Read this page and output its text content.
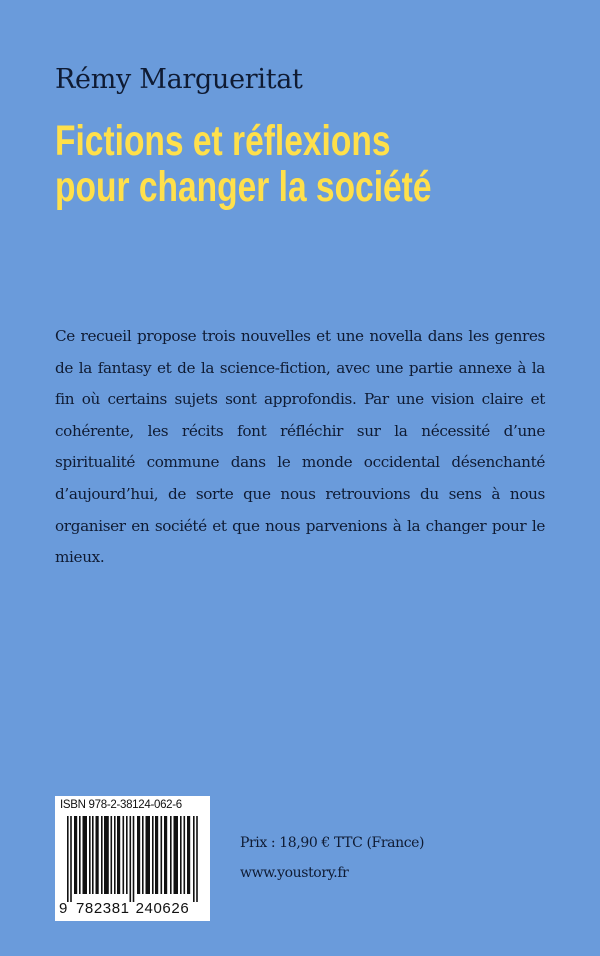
Rémy Margueritat
Fictions et réflexions
pour changer la société

Ce recueil propose trois nouvelles et une novella dans les genres de la fantasy et de la science-fiction, avec une partie annexe à la fin où certains sujets sont approfondis. Par une vision claire et cohérente, les récits font réfléchir sur la nécessité d’une spiritualité commune dans le monde occidental désenchanté d’aujourd’hui, de sorte que nous retrouvions du sens à nous organiser en société et que nous parvenions à la changer pour le mieux.

ISBN 978-2-38124-062-6
9 782381 240626
Prix : 18,90 € TTC (France)
www.youstory.fr
